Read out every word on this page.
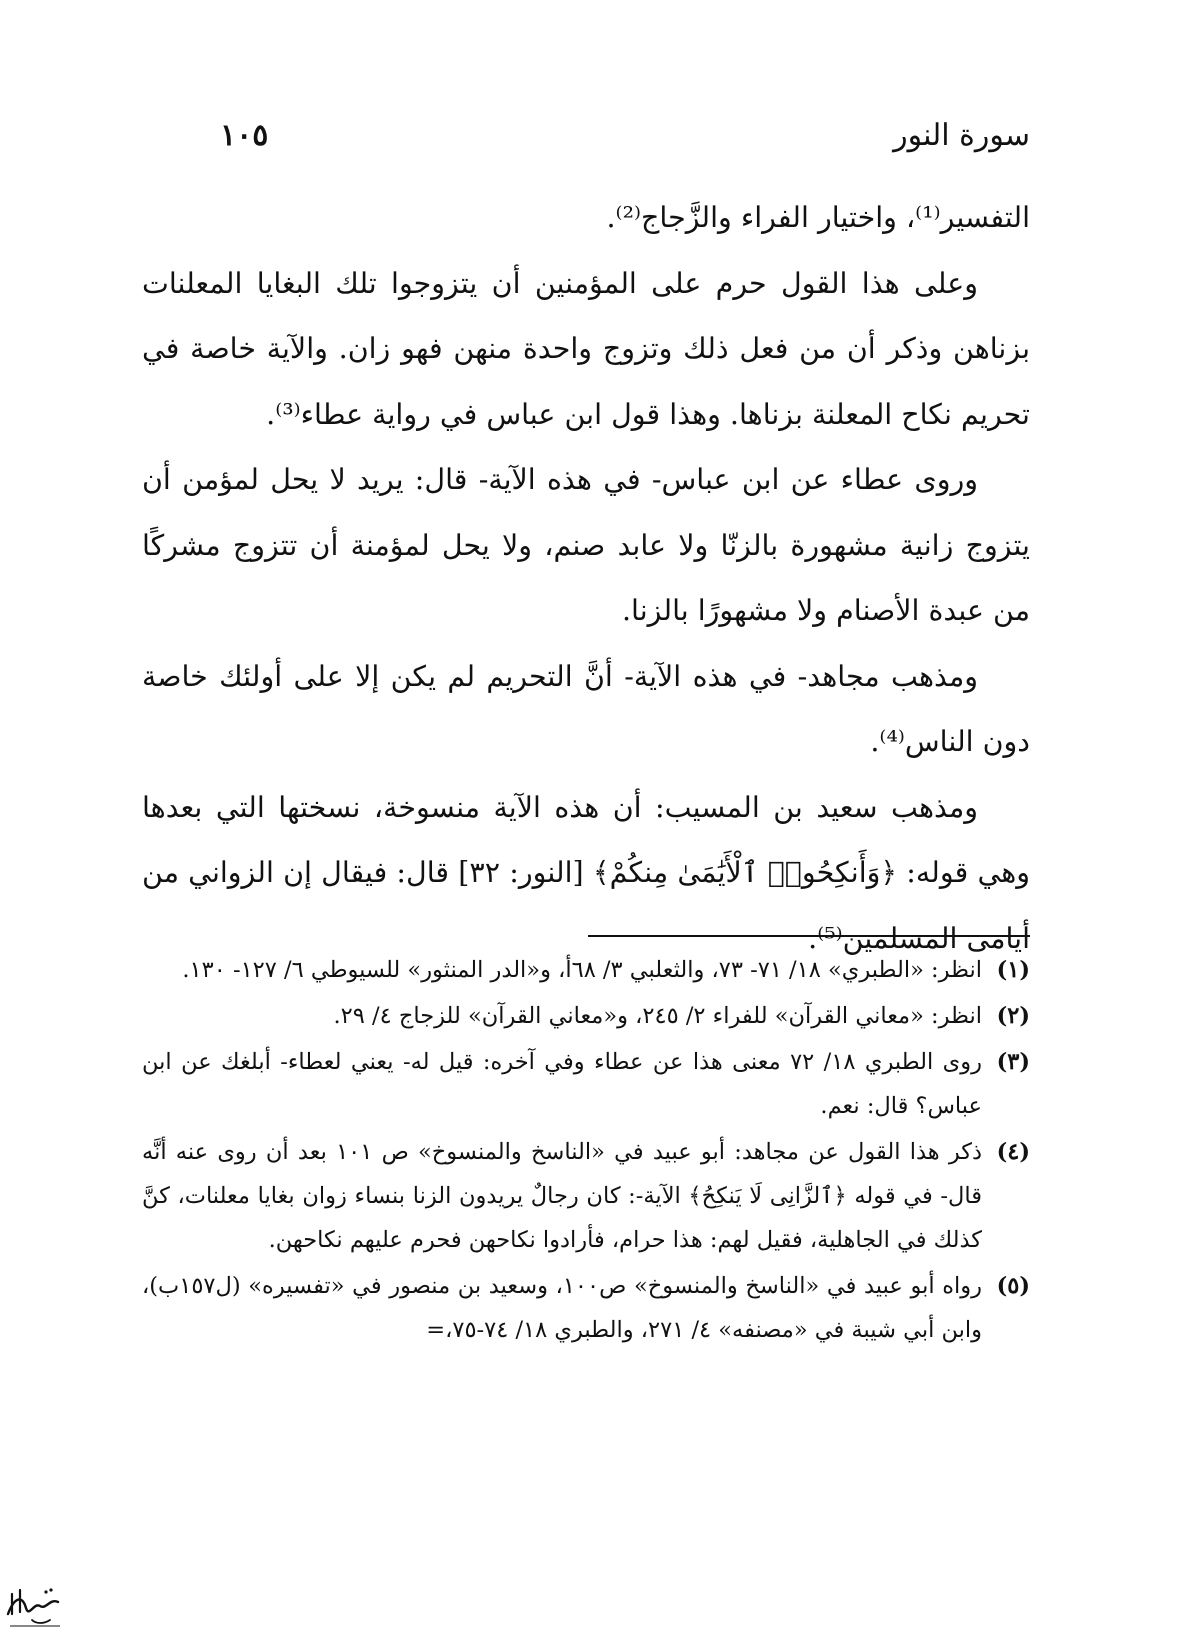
سورة النور
١٠٥

التفسير⁽¹⁾، واختيار الفراء والزَّجاج⁽²⁾.

وعلى هذا القول حرم على المؤمنين أن يتزوجوا تلك البغايا المعلنات بزناهن وذكر أن من فعل ذلك وتزوج واحدة منهن فهو زان. والآية خاصة في تحريم نكاح المعلنة بزناها. وهذا قول ابن عباس في رواية عطاء⁽³⁾.

وروى عطاء عن ابن عباس- في هذه الآية- قال: يريد لا يحل لمؤمن أن يتزوج زانية مشهورة بالزنّا ولا عابد صنم، ولا يحل لمؤمنة أن تتزوج مشركًا من عبدة الأصنام ولا مشهورًا بالزنا.

ومذهب مجاهد- في هذه الآية- أنَّ التحريم لم يكن إلا على أولئك خاصة دون الناس⁽⁴⁾.

ومذهب سعيد بن المسيب: أن هذه الآية منسوخة، نسختها التي بعدها وهي قوله: ﴿وَأَنكِحُوا۟ ٱلْأَيَٰمَىٰ مِنكُمْ﴾ [النور: ٣٢] قال: فيقال إن الزواني من أيامى المسلمين⁽⁵⁾.

(١)
انظر: «الطبري» ١٨/ ٧١- ٧٣، والثعلبي ٣/ ٦٨أ، و«الدر المنثور» للسيوطي ٦/ ١٢٧- ١٣٠.
(٢)
انظر: «معاني القرآن» للفراء ٢/ ٢٤٥، و«معاني القرآن» للزجاج ٤/ ٢٩.
(٣)
روى الطبري ١٨/ ٧٢ معنى هذا عن عطاء وفي آخره: قيل له- يعني لعطاء- أبلغك عن ابن عباس؟ قال: نعم.
(٤)
ذكر هذا القول عن مجاهد: أبو عبيد في «الناسخ والمنسوخ» ص ١٠١ بعد أن روى عنه أنَّه قال- في قوله ﴿ٱلزَّانِى لَا يَنكِحُ﴾ الآية-: كان رجالٌ يريدون الزنا بنساء زوان بغايا معلنات، كنَّ كذلك في الجاهلية، فقيل لهم: هذا حرام، فأرادوا نكاحهن فحرم عليهم نكاحهن.
(٥)
رواه أبو عبيد في «الناسخ والمنسوخ» ص١٠٠، وسعيد بن منصور في «تفسيره» (ل١٥٧ب)، وابن أبي شيبة في «مصنفه» ٤/ ٢٧١، والطبري ١٨/ ٧٤-٧٥،=
